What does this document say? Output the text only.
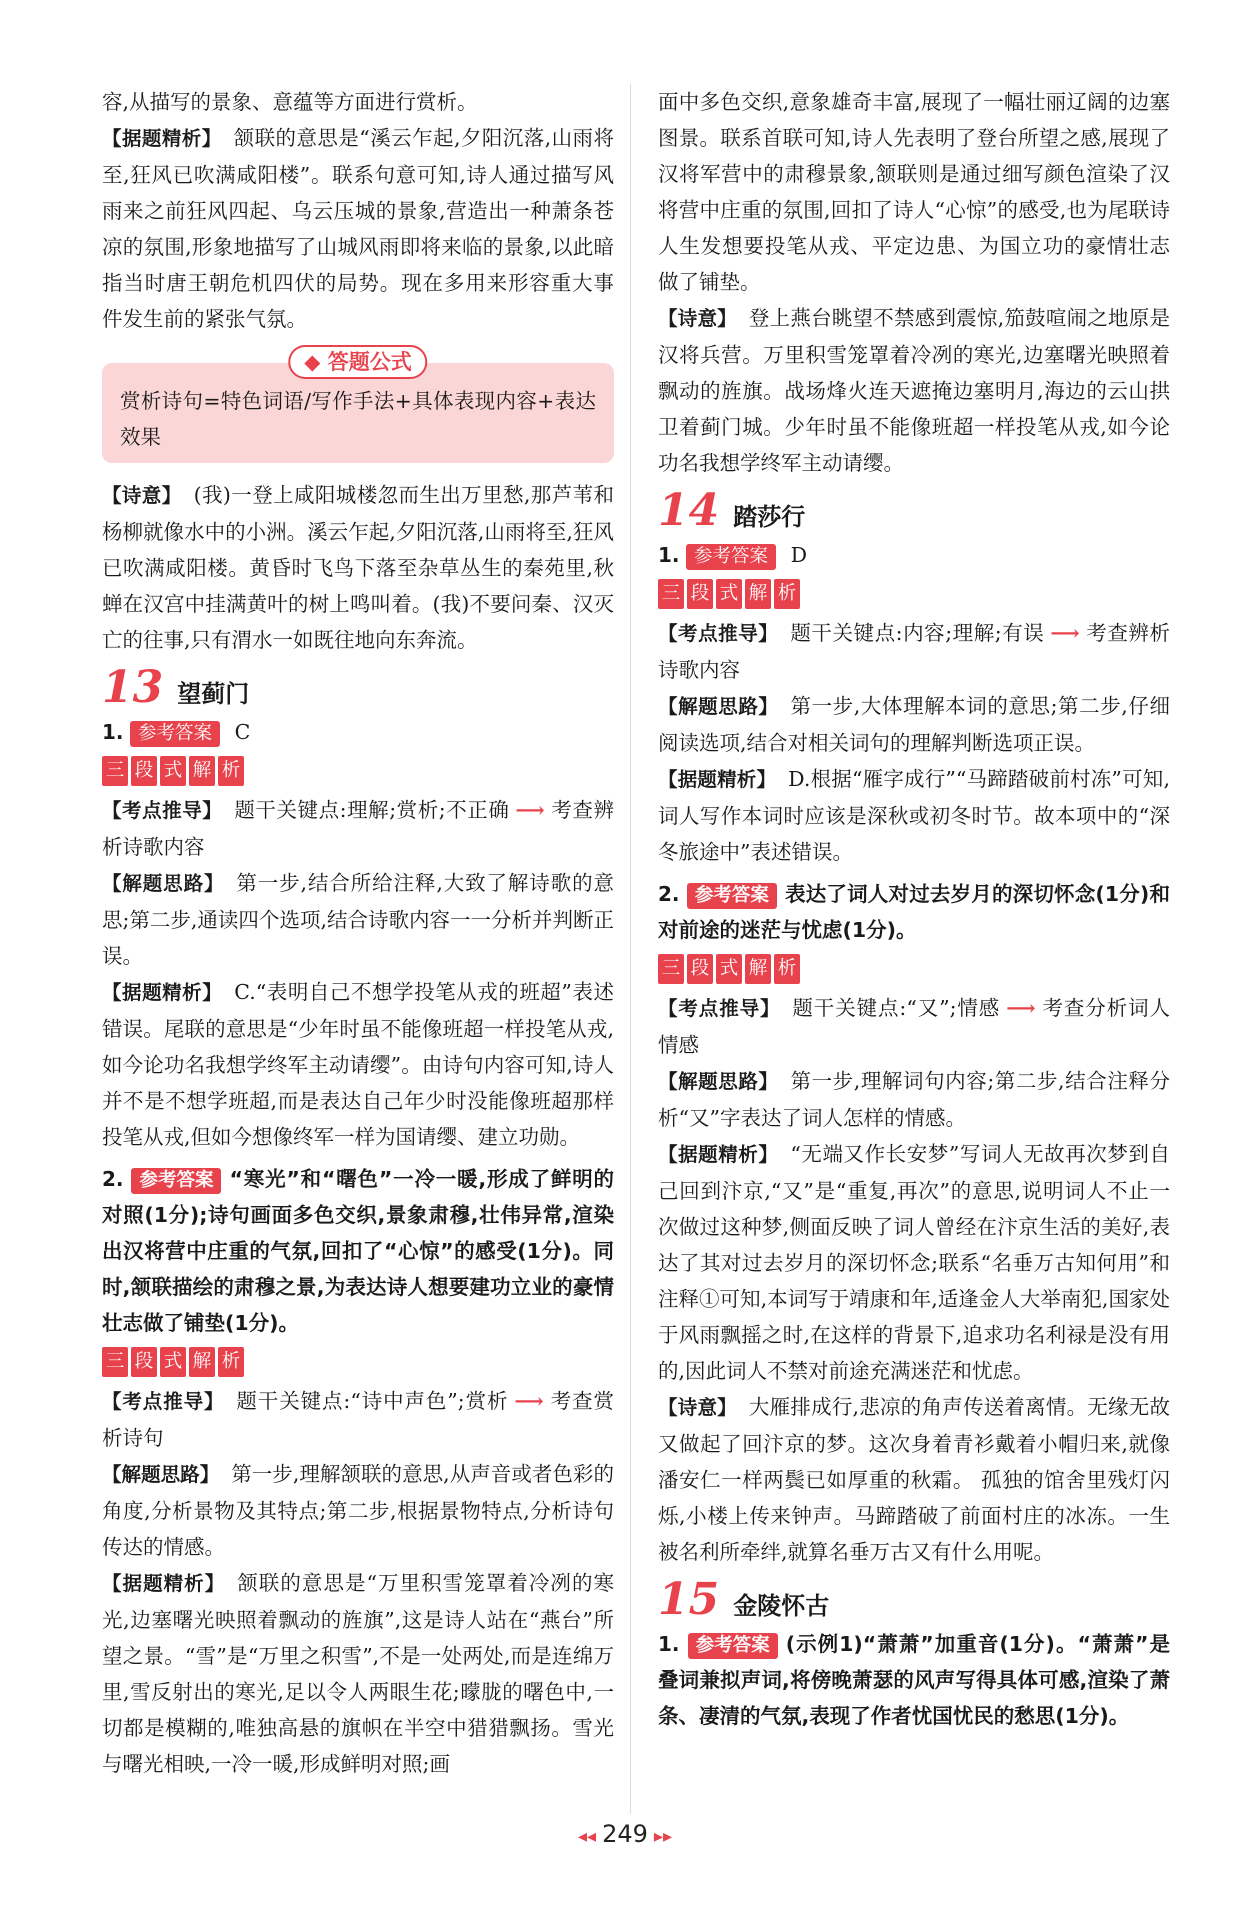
容,从描写的景象、意蕴等方面进行赏析。

【据题精析】 颔联的意思是“溪云乍起,夕阳沉落,山雨将至,狂风已吹满咸阳楼”。联系句意可知,诗人通过描写风雨来之前狂风四起、乌云压城的景象,营造出一种萧条苍凉的氛围,形象地描写了山城风雨即将来临的景象,以此暗指当时唐王朝危机四伏的局势。现在多用来形容重大事件发生前的紧张气氛。

◆ 答题公式

赏析诗句=特色词语/写作手法+具体表现内容+表达效果

【诗意】 (我)一登上咸阳城楼忽而生出万里愁,那芦苇和杨柳就像水中的小洲。溪云乍起,夕阳沉落,山雨将至,狂风已吹满咸阳楼。黄昏时飞鸟下落至杂草丛生的秦苑里,秋蝉在汉宫中挂满黄叶的树上鸣叫着。(我)不要问秦、汉灭亡的往事,只有渭水一如既往地向东奔流。

13 望蓟门
1. 参考答案 C
三 段 式 解 析

【考点推导】 题干关键点:理解;赏析;不正确 ⟶ 考查辨析诗歌内容

【解题思路】 第一步,结合所给注释,大致了解诗歌的意思;第二步,通读四个选项,结合诗歌内容一一分析并判断正误。

【据题精析】 C.“表明自己不想学投笔从戎的班超”表述错误。尾联的意思是“少年时虽不能像班超一样投笔从戎,如今论功名我想学终军主动请缨”。由诗句内容可知,诗人并不是不想学班超,而是表达自己年少时没能像班超那样投笔从戎,但如今想像终军一样为国请缨、建立功勋。

2. 参考答案 “寒光”和“曙色”一冷一暖,形成了鲜明的对照(1分);诗句画面多色交织,景象肃穆,壮伟异常,渲染出汉将营中庄重的气氛,回扣了“心惊”的感受(1分)。同时,颔联描绘的肃穆之景,为表达诗人想要建功立业的豪情壮志做了铺垫(1分)。

三 段 式 解 析

【考点推导】 题干关键点:“诗中声色”;赏析 ⟶ 考查赏析诗句

【解题思路】 第一步,理解颔联的意思,从声音或者色彩的角度,分析景物及其特点;第二步,根据景物特点,分析诗句传达的情感。

【据题精析】 颔联的意思是“万里积雪笼罩着冷冽的寒光,边塞曙光映照着飘动的旌旗”,这是诗人站在“燕台”所望之景。“雪”是“万里之积雪”,不是一处两处,而是连绵万里,雪反射出的寒光,足以令人两眼生花;曚胧的曙色中,一切都是模糊的,唯独高悬的旗帜在半空中猎猎飘扬。雪光与曙光相映,一冷一暖,形成鲜明对照;画

面中多色交织,意象雄奇丰富,展现了一幅壮丽辽阔的边塞图景。联系首联可知,诗人先表明了登台所望之感,展现了汉将军营中的肃穆景象,颔联则是通过细写颜色渲染了汉将营中庄重的氛围,回扣了诗人“心惊”的感受,也为尾联诗人生发想要投笔从戎、平定边患、为国立功的豪情壮志做了铺垫。

【诗意】 登上燕台眺望不禁感到震惊,笳鼓喧闹之地原是汉将兵营。万里积雪笼罩着冷冽的寒光,边塞曙光映照着飘动的旌旗。战场烽火连天遮掩边塞明月,海边的云山拱卫着蓟门城。少年时虽不能像班超一样投笔从戎,如今论功名我想学终军主动请缨。

14 踏莎行
1. 参考答案 D
三 段 式 解 析

【考点推导】 题干关键点:内容;理解;有误 ⟶ 考查辨析诗歌内容

【解题思路】 第一步,大体理解本词的意思;第二步,仔细阅读选项,结合对相关词句的理解判断选项正误。

【据题精析】 D.根据“雁字成行”“马蹄踏破前村冻”可知,词人写作本词时应该是深秋或初冬时节。故本项中的“深冬旅途中”表述错误。

2. 参考答案 表达了词人对过去岁月的深切怀念(1分)和对前途的迷茫与忧虑(1分)。

三 段 式 解 析

【考点推导】 题干关键点:“又”;情感 ⟶ 考查分析词人情感

【解题思路】 第一步,理解词句内容;第二步,结合注释分析“又”字表达了词人怎样的情感。

【据题精析】 “无端又作长安梦”写词人无故再次梦到自己回到汴京,“又”是“重复,再次”的意思,说明词人不止一次做过这种梦,侧面反映了词人曾经在汴京生活的美好,表达了其对过去岁月的深切怀念;联系“名垂万古知何用”和注释①可知,本词写于靖康和年,适逢金人大举南犯,国家处于风雨飘摇之时,在这样的背景下,追求功名利禄是没有用的,因此词人不禁对前途充满迷茫和忧虑。

【诗意】 大雁排成行,悲凉的角声传送着离情。无缘无故又做起了回汴京的梦。这次身着青衫戴着小帽归来,就像潘安仁一样两鬓已如厚重的秋霜。 孤独的馆舍里残灯闪烁,小楼上传来钟声。马蹄踏破了前面村庄的冰冻。一生被名利所牵绊,就算名垂万古又有什么用呢。

15 金陵怀古

1. 参考答案 (示例1)“萧萧”加重音(1分)。“萧萧”是叠词兼拟声词,将傍晚萧瑟的风声写得具体可感,渲染了萧条、凄清的气氛,表现了作者忧国忧民的愁思(1分)。

◂◂ 249 ▸▸
